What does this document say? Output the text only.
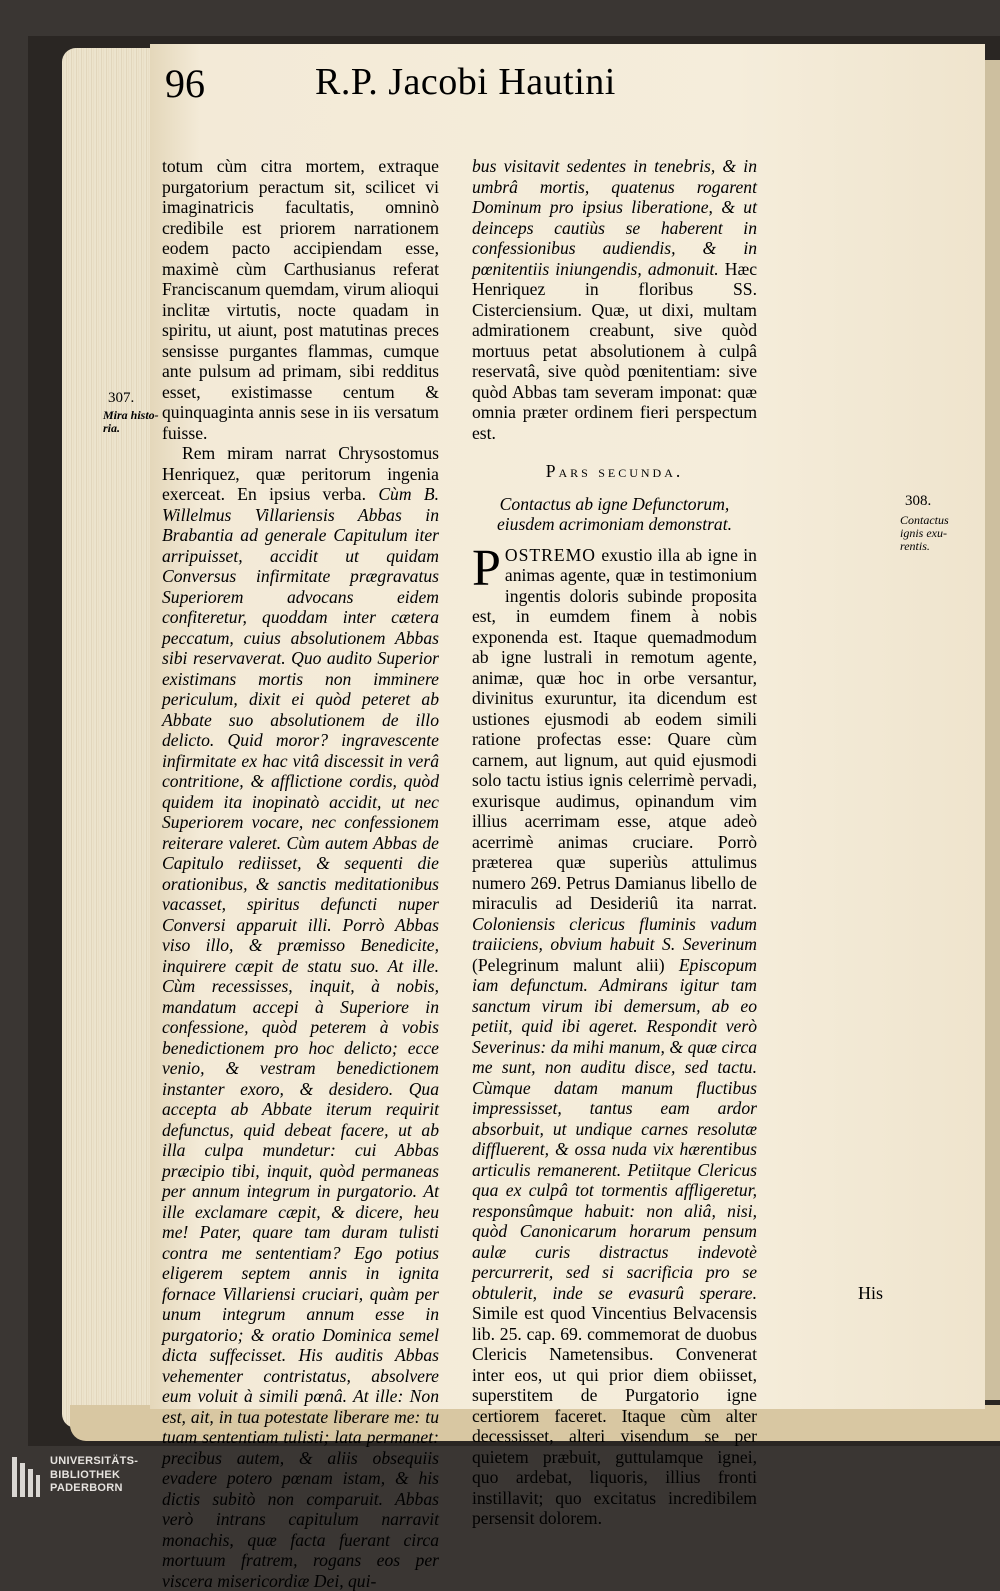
96	R.P. Jacobi Hautini
307.
Mira histo-ria.
308.
Contactus ignis exu-rentis.

totum cùm citra mortem, extraque purgatorium peractum sit, scilicet vi imaginatricis facultatis, omninò credibile est priorem narrationem eodem pacto accipiendam esse, maximè cùm Carthusianus referat Franciscanum quemdam, virum alioqui inclitæ virtutis, nocte quadam in spiritu, ut aiunt, post matutinas preces sensisse purgantes flammas, cumque ante pulsum ad primam, sibi redditus esset, existimasse centum & quinquaginta annis sese in iis versatum fuisse.

Rem miram narrat Chrysostomus Henriquez, quæ peritorum ingenia exerceat. En ipsius verba. Cùm B. Willelmus Villariensis Abbas in Brabantia ad generale Capitulum iter arripuisset, accidit ut quidam Conversus infirmitate prægravatus Superiorem advocans eidem confiteretur, quoddam inter cætera peccatum, cuius absolutionem Abbas sibi reservaverat. Quo audito Superior existimans mortis non imminere periculum, dixit ei quòd peteret ab Abbate suo absolutionem de illo delicto. Quid moror? ingravescente infirmitate ex hac vitâ discessit in verâ contritione, & afflictione cordis, quòd quidem ita inopinatò accidit, ut nec Superiorem vocare, nec confessionem reiterare valeret. Cùm autem Abbas de Capitulo rediisset, & sequenti die orationibus, & sanctis meditationibus vacasset, spiritus defuncti nuper Conversi apparuit illi. Porrò Abbas viso illo, & præmisso Benedicite, inquirere cæpit de statu suo. At ille. Cùm recessisses, inquit, à nobis, mandatum accepi à Superiore in confessione, quòd peterem à vobis benedictionem pro hoc delicto; ecce venio, & vestram benedictionem instanter exoro, & desidero. Qua accepta ab Abbate iterum requirit defunctus, quid debeat facere, ut ab illa culpa mundetur: cui Abbas præcipio tibi, inquit, quòd permaneas per annum integrum in purgatorio. At ille exclamare cæpit, & dicere, heu me! Pater, quare tam duram tulisti contra me sententiam? Ego potius eligerem septem annis in ignita fornace Villariensi cruciari, quàm per unum integrum annum esse in purgatorio; & oratio Dominica semel dicta suffecisset. His auditis Abbas vehementer contristatus, absolvere eum voluit à simili pœnâ. At ille: Non est, ait, in tua potestate liberare me: tu tuam sententiam tulisti; lata permanet: precibus autem, & aliis obsequiis evadere potero pœnam istam, & his dictis subitò non comparuit. Abbas verò intrans capitulum narravit monachis, quæ facta fuerant circa mortuum fratrem, rogans eos per viscera misericordiæ Dei, qui-

bus visitavit sedentes in tenebris, & in umbrâ mortis, quatenus rogarent Dominum pro ipsius liberatione, & ut deinceps cautiùs se haberent in confessionibus audiendis, & in pœnitentiis iniungendis, admonuit. Hæc Henriquez in floribus SS. Cisterciensium. Quæ, ut dixi, multam admirationem creabunt, sive quòd mortuus petat absolutionem à culpâ reservatâ, sive quòd pœnitentiam: sive quòd Abbas tam severam imponat: quæ omnia præter ordinem fieri perspectum est.

Pars secunda.

Contactus ab igne Defunctorum, eiusdem acrimoniam demonstrat.

P OSTREMO exustio illa ab igne in animas agente, quæ in testimonium ingentis doloris subinde proposita est, in eumdem finem à nobis exponenda est. Itaque quemadmodum ab igne lustrali in remotum agente, animæ, quæ hoc in orbe versantur, divinitus exuruntur, ita dicendum est ustiones ejusmodi ab eodem simili ratione profectas esse: Quare cùm carnem, aut lignum, aut quid ejusmodi solo tactu istius ignis celerrimè pervadi, exurisque audimus, opinandum vim illius acerrimam esse, atque adeò acerrimè animas cruciare. Porrò præterea quæ superiùs attulimus numero 269. Petrus Damianus libello de miraculis ad Desideriû ita narrat. Coloniensis clericus fluminis vadum traiiciens, obvium habuit S. Severinum (Pelegrinum malunt alii) Episcopum iam defunctum. Admirans igitur tam sanctum virum ibi demersum, ab eo petiit, quid ibi ageret. Respondit verò Severinus: da mihi manum, & quæ circa me sunt, non auditu disce, sed tactu. Cùmque datam manum fluctibus impressisset, tantus eam ardor absorbuit, ut undique carnes resolutæ diffluerent, & ossa nuda vix hærentibus articulis remanerent. Petiitque Clericus qua ex culpâ tot tormentis affligeretur, responsûmque habuit: non aliâ, nisi, quòd Canonicarum horarum pensum aulæ curis distractus indevotè percurrerit, sed si sacrificia pro se obtulerit, inde se evasurû sperare. Simile est quod Vincentius Belvacensis lib. 25. cap. 69. commemorat de duobus Clericis Nametensibus. Convenerat inter eos, ut qui prior diem obiisset, superstitem de Purgatorio igne certiorem faceret. Itaque cùm alter decessisset, alteri visendum se per quietem præbuit, guttulamque ignei, quo ardebat, liquoris, illius fronti instillavit; quo excitatus incredibilem persensit dolorem.

His
UNIVERSITÄTS-
BIBLIOTHEK
PADERBORN
